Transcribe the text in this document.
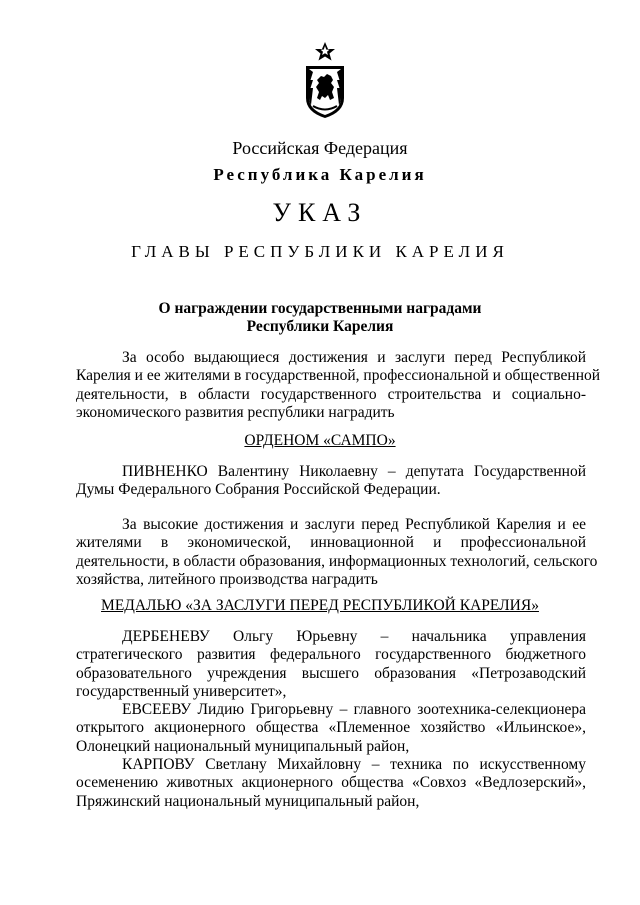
Российская Федерация
Республика Карелия
УКАЗ
ГЛАВЫ РЕСПУБЛИКИ КАРЕЛИЯ
О награждении государственными наградами
Республики Карелия
За особо выдающиеся достижения и заслуги перед Республикой
Карелия и ее жителями в государственной, профессиональной и общественной
деятельности, в области государственного строительства и социально-
экономического развития республики наградить
ОРДЕНОМ «САМПО»
ПИВНЕНКО Валентину Николаевну – депутата Государственной
Думы Федерального Собрания Российской Федерации.
За высокие достижения и заслуги перед Республикой Карелия и ее
жителями в экономической, инновационной и профессиональной
деятельности, в области образования, информационных технологий, сельского
хозяйства, литейного производства наградить
МЕДАЛЬЮ «ЗА ЗАСЛУГИ ПЕРЕД РЕСПУБЛИКОЙ КАРЕЛИЯ»
ДЕРБЕНЕВУ Ольгу Юрьевну – начальника управления
стратегического развития федерального государственного бюджетного
образовательного учреждения высшего образования «Петрозаводский
государственный университет»,
ЕВСЕЕВУ Лидию Григорьевну – главного зоотехника-селекционера
открытого акционерного общества «Племенное хозяйство «Ильинское»,
Олонецкий национальный муниципальный район,
КАРПОВУ Светлану Михайловну – техника по искусственному
осеменению животных акционерного общества «Совхоз «Ведлозерский»,
Пряжинский национальный муниципальный район,
